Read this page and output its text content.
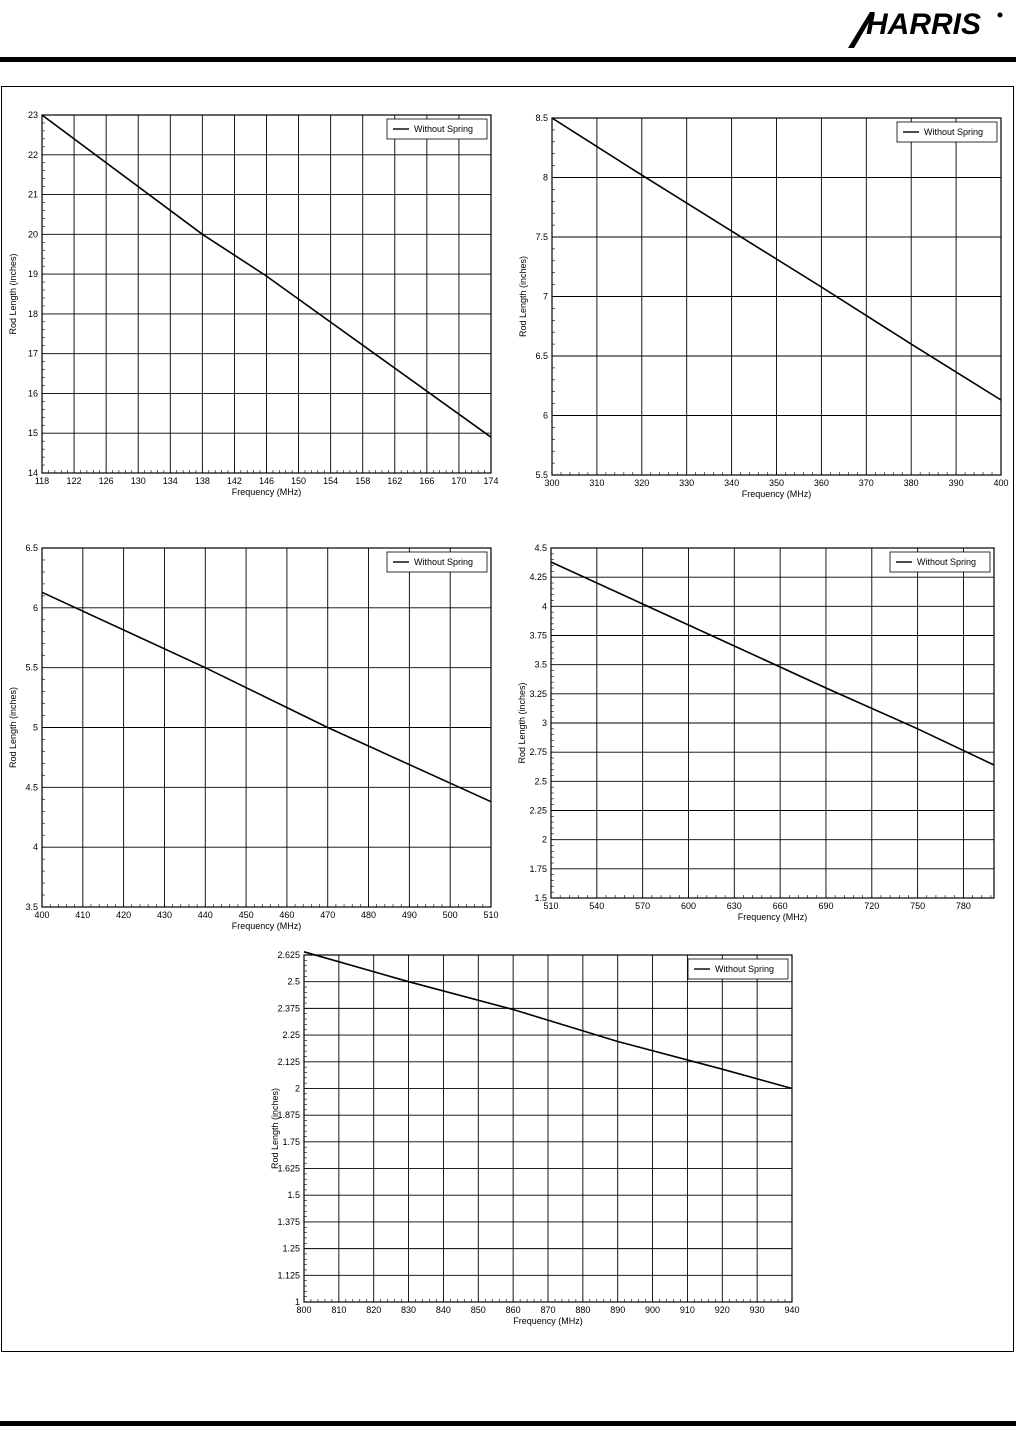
HARRIS
118 122 126 130 134 138 142 146 150 154 158 162 166 170 174
14
15
16
17
18
19
20
21
22
23
Frequency (MHz)
Rod Length (inches)
Without Spring
300	310	320	330	340	350	360	370	380	390	400
5.5
6
6.5
7
7.5
8
8.5
Frequency (MHz)
Rod Length (inches)
Without Spring
400	410	420	430	440	450	460	470	480	490	500	510
3.5
4
4.5
5
5.5
6
6.5
Frequency (MHz)
Rod Length (inches)
Without Spring
510	540	570	600	630	660	690	720	750	780
1.5
1.75
2
2.25
2.5
2.75
3
3.25
3.5
3.75
4
4.25
4.5
Frequency (MHz)
Rod Length (inches)
Without Spring
800 810 820 830 840 850 860 870 880 890 900 910 920 930 940
1
1.125
1.25
1.375
1.5
1.625
1.75
1.875
2
2.125
2.25
2.375
2.5
2.625
Frequency (MHz)
Rod Length (inches)
Without Spring
